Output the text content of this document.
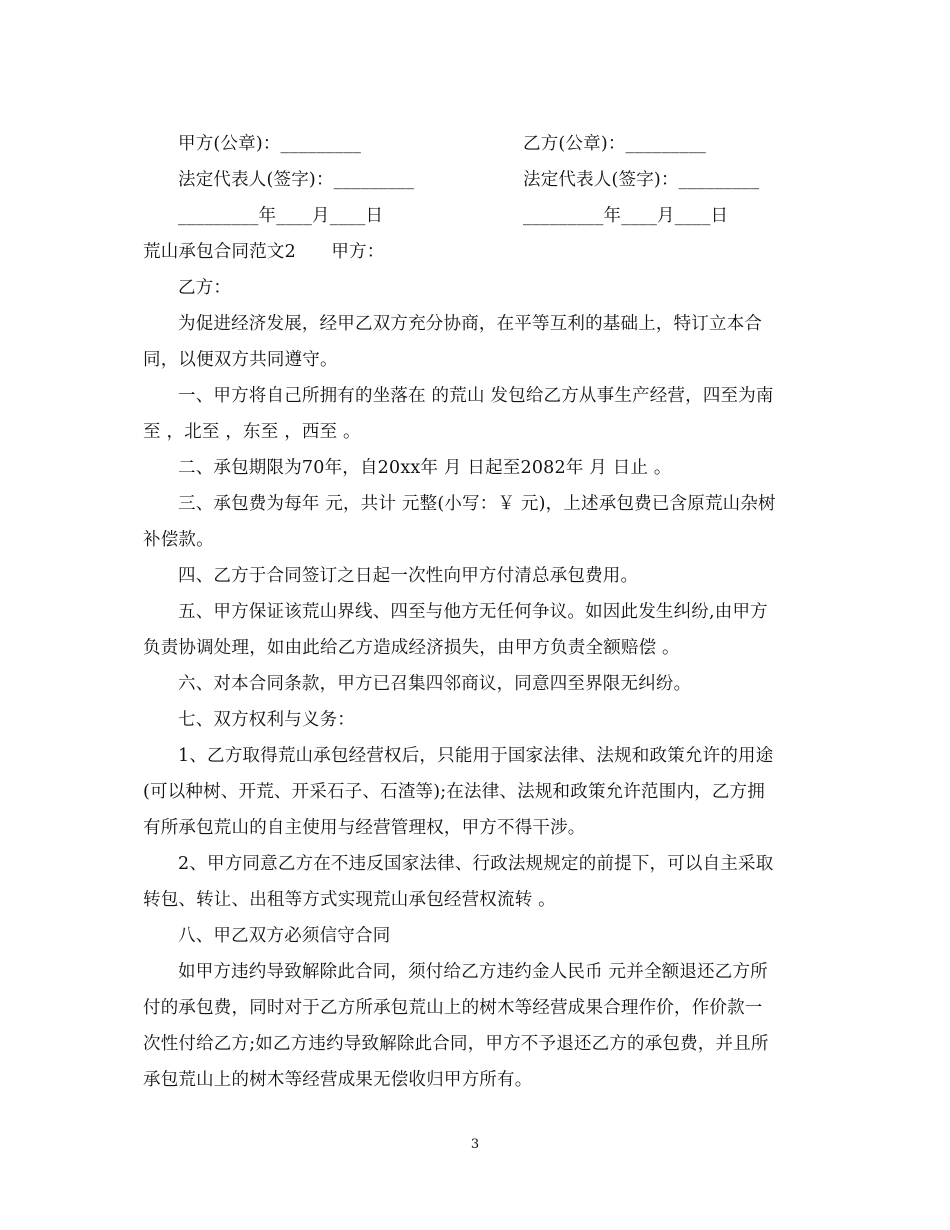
甲方(公章)：_________	乙方(公章)：_________
法定代表人(签字)：_________	法定代表人(签字)：_________
_________年____月____日	_________年____月____日
荒山承包合同范文2　　甲方：
乙方：
为促进经济发展，经甲乙双方充分协商，在平等互利的基础上，特订立本合
同，以便双方共同遵守。
一、甲方将自己所拥有的坐落在 的荒山 发包给乙方从事生产经营，四至为南
至 ，北至 ，东至 ，西至 。
二、承包期限为70年，自20xx年 月 日起至2082年 月 日止 。
三、承包费为每年 元，共计 元整(小写：￥ 元)，上述承包费已含原荒山杂树
补偿款。
四、乙方于合同签订之日起一次性向甲方付清总承包费用。
五、甲方保证该荒山界线、四至与他方无任何争议。如因此发生纠纷,由甲方
负责协调处理，如由此给乙方造成经济损失，由甲方负责全额赔偿 。
六、对本合同条款，甲方已召集四邻商议，同意四至界限无纠纷。
七、双方权利与义务：
1、乙方取得荒山承包经营权后，只能用于国家法律、法规和政策允许的用途
(可以种树、开荒、开采石子、石渣等);在法律、法规和政策允许范围内，乙方拥
有所承包荒山的自主使用与经营管理权，甲方不得干涉。
2、甲方同意乙方在不违反国家法律、行政法规规定的前提下，可以自主采取
转包、转让、出租等方式实现荒山承包经营权流转 。
八、甲乙双方必须信守合同
如甲方违约导致解除此合同，须付给乙方违约金人民币 元并全额退还乙方所
付的承包费，同时对于乙方所承包荒山上的树木等经营成果合理作价，作价款一
次性付给乙方;如乙方违约导致解除此合同，甲方不予退还乙方的承包费，并且所
承包荒山上的树木等经营成果无偿收归甲方所有。
3
